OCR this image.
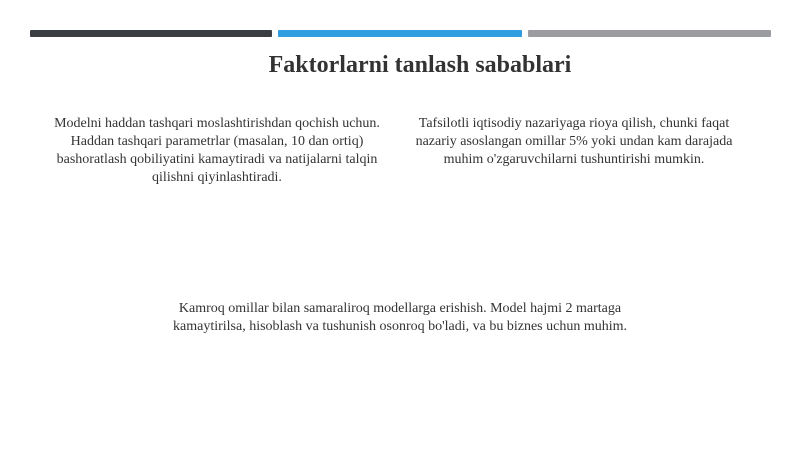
Faktorlarni tanlash sabablari

Modelni haddan tashqari moslashtirishdan qochish uchun. Haddan tashqari parametrlar (masalan, 10 dan ortiq) bashoratlash qobiliyatini kamaytiradi va natijalarni talqin qilishni qiyinlashtiradi.

Tafsilotli iqtisodiy nazariyaga rioya qilish, chunki faqat nazariy asoslangan omillar 5% yoki undan kam darajada muhim o'zgaruvchilarni tushuntirishi mumkin.

Kamroq omillar bilan samaraliroq modellarga erishish. Model hajmi 2 martaga kamaytirilsa, hisoblash va tushunish osonroq bo'ladi, va bu biznes uchun muhim.
